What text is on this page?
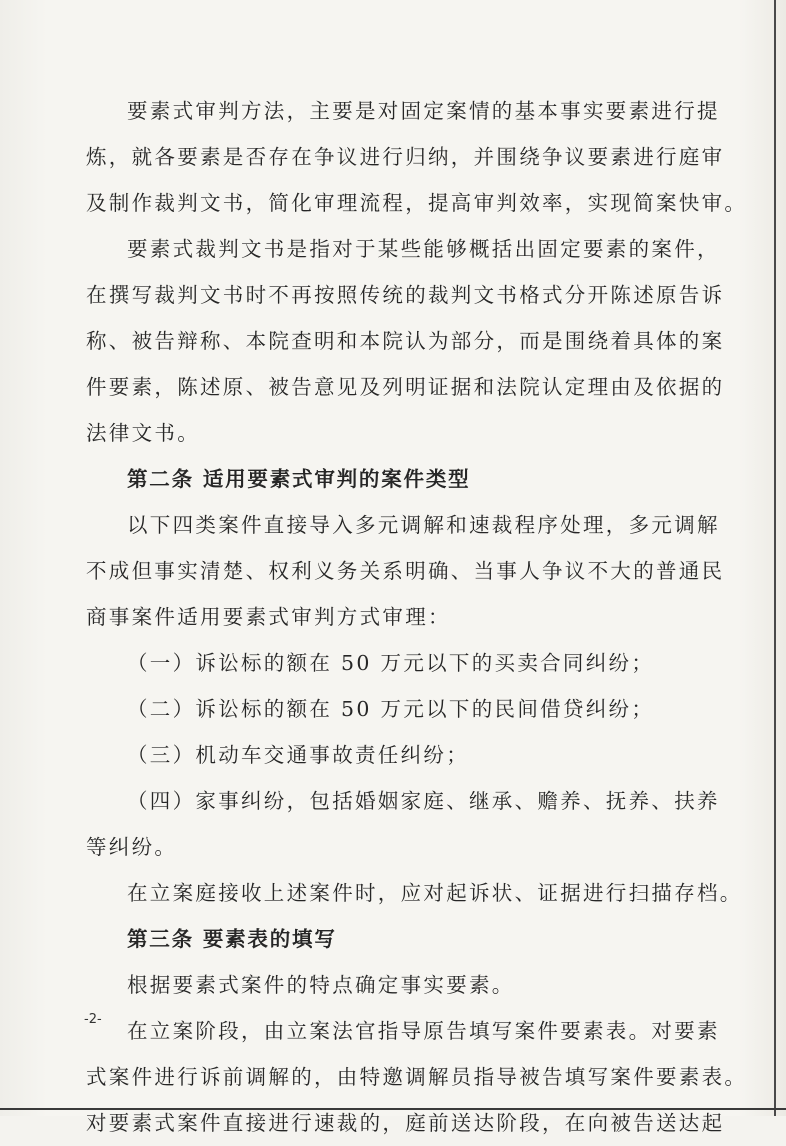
要素式审判方法，主要是对固定案情的基本事实要素进行提
炼，就各要素是否存在争议进行归纳，并围绕争议要素进行庭审
及制作裁判文书，简化审理流程，提高审判效率，实现简案快审。
要素式裁判文书是指对于某些能够概括出固定要素的案件，
在撰写裁判文书时不再按照传统的裁判文书格式分开陈述原告诉
称、被告辩称、本院查明和本院认为部分，而是围绕着具体的案
件要素，陈述原、被告意见及列明证据和法院认定理由及依据的
法律文书。
第二条 适用要素式审判的案件类型
以下四类案件直接导入多元调解和速裁程序处理，多元调解
不成但事实清楚、权利义务关系明确、当事人争议不大的普通民
商事案件适用要素式审判方式审理：
（一）诉讼标的额在 50 万元以下的买卖合同纠纷；
（二）诉讼标的额在 50 万元以下的民间借贷纠纷；
（三）机动车交通事故责任纠纷；
（四）家事纠纷，包括婚姻家庭、继承、赡养、抚养、扶养
等纠纷。
在立案庭接收上述案件时，应对起诉状、证据进行扫描存档。
第三条 要素表的填写
根据要素式案件的特点确定事实要素。
在立案阶段，由立案法官指导原告填写案件要素表。对要素
式案件进行诉前调解的，由特邀调解员指导被告填写案件要素表。
对要素式案件直接进行速裁的，庭前送达阶段，在向被告送达起
-2-
